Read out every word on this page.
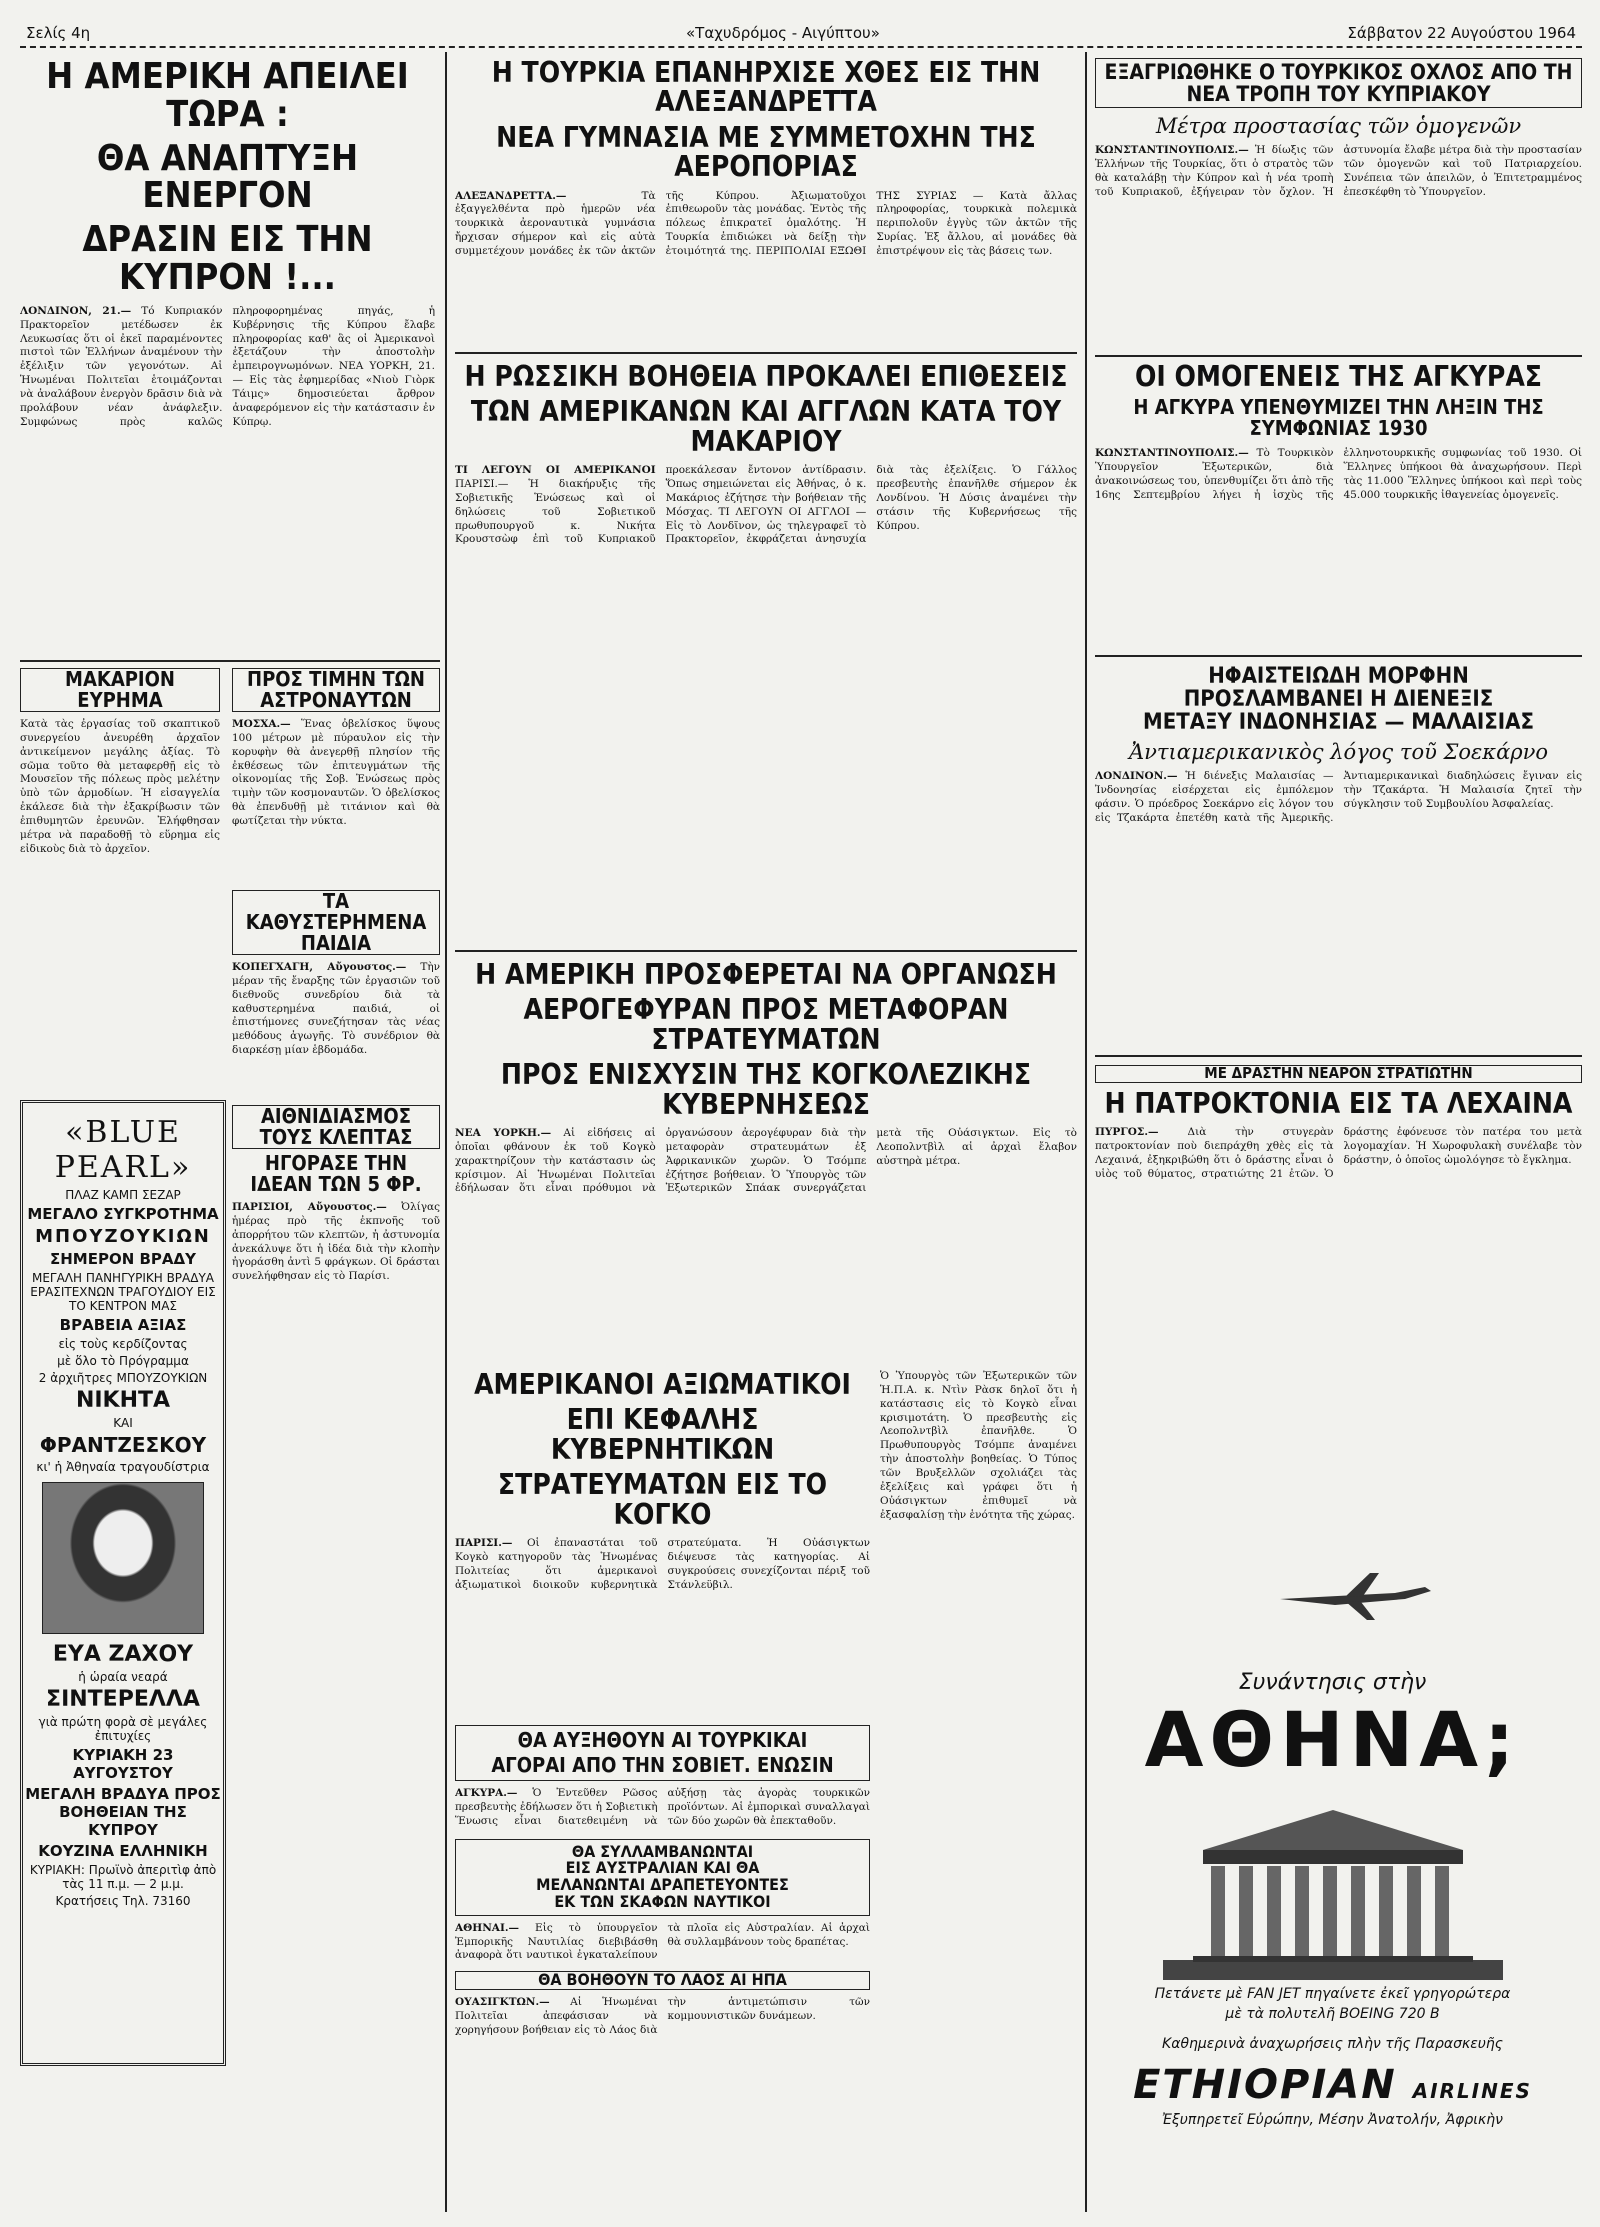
Σελίς 4η	«Ταχυδρόμος - Αιγύπτου»	Σάββατον 22 Αυγούστου 1964
Η ΑΜΕΡΙΚΗ ΑΠΕΙΛΕΙ ΤΩΡΑ :
ΘΑ ΑΝΑΠΤΥΞΗ ΕΝΕΡΓΟΝ
ΔΡΑΣΙΝ ΕΙΣ ΤΗΝ ΚΥΠΡΟΝ !...
ΛΟΝΔΙΝΟΝ, 21.— Τό Κυπριακόν Πρακτορεῖον μετέδωσεν ἐκ Λευκωσίας ὅτι οἱ ἐκεῖ παραμένοντες πιστοὶ τῶν Ἑλλήνων ἀναμένουν τὴν ἐξέλιξιν τῶν γεγονότων. Αἱ Ἡνωμέναι Πολιτεῖαι ἑτοιμάζονται νὰ ἀναλάβουν ἐνεργὸν δρᾶσιν διὰ νὰ προλάβουν νέαν ἀνάφλεξιν. Συμφώνως πρὸς καλῶς πληροφορημένας πηγάς, ἡ Κυβέρνησις τῆς Κύπρου ἔλαβε πληροφορίας καθ' ἃς οἱ Ἀμερικανοὶ ἐξετάζουν τὴν ἀποστολὴν ἐμπειρογνωμόνων. ΝΕΑ ΥΟΡΚΗ, 21.— Εἰς τὰς ἐφημερίδας «Νιοὺ Γιὸρκ Τάιμς» δημοσιεύεται ἄρθρον ἀναφερόμενον εἰς τὴν κατάστασιν ἐν Κύπρῳ.
ΜΑΚΑΡΙΟΝ ΕΥΡΗΜΑ
Κατὰ τὰς ἐργασίας τοῦ σκαπτικοῦ συνεργείου ἀνευρέθη ἀρχαῖον ἀντικείμενον μεγάλης ἀξίας. Τὸ σῶμα τοῦτο θὰ μεταφερθῇ εἰς τὸ Μουσεῖον τῆς πόλεως πρὸς μελέτην ὑπὸ τῶν ἀρμοδίων. Ἡ εἰσαγγελία ἐκάλεσε διὰ τὴν ἐξακρίβωσιν τῶν ἐπιθυμητῶν ἐρευνῶν. Ἐλήφθησαν μέτρα νὰ παραδοθῇ τὸ εὕρημα εἰς εἰδικοὺς διὰ τὸ ἀρχεῖον.
«BLUE PEARL»
ΠΛΑΖ ΚΑΜΠ ΣΕΖΑΡ
ΜΕΓΑΛΟ ΣΥΓΚΡΟΤΗΜΑ
ΜΠΟΥΖΟΥΚΙΩΝ
ΣΗΜΕΡΟΝ ΒΡΑΔΥ
ΜΕΓΑΛΗ ΠΑΝΗΓΥΡΙΚΗ ΒΡΑΔΥΑ ΕΡΑΣΙΤΕΧΝΩΝ ΤΡΑΓΟΥΔΙΟΥ ΕΙΣ ΤΟ ΚΕΝΤΡΟΝ ΜΑΣ
ΒΡΑΒΕΙΑ ΑΞΙΑΣ
εἰς τοὺς κερδίζοντας
μὲ ὅλο τὸ Πρόγραμμα
2 ἀρχιῆτρες ΜΠΟΥΖΟΥΚΙΩΝ
ΝΙΚΗΤΑ
ΚΑΙ
ΦΡΑΝΤΖΕΣΚΟΥ
κι' ἡ Ἀθηναία τραγουδίστρια
ΕΥΑ ΖΑΧΟΥ
ἡ ὡραία νεαρά
ΣΙΝΤΕΡΕΛΛΑ
γιὰ πρώτη φορὰ σὲ μεγάλες ἐπιτυχίες
ΚΥΡΙΑΚΗ 23 ΑΥΓΟΥΣΤΟΥ
ΜΕΓΑΛΗ ΒΡΑΔΥΑ ΠΡΟΣ ΒΟΗΘΕΙΑΝ ΤΗΣ ΚΥΠΡΟΥ
ΚΟΥΖΙΝΑ ΕΛΛΗΝΙΚΗ
ΚΥΡΙΑΚΗ: Πρωϊνὸ ἀπεριτὶφ ἀπὸ τὰς 11 π.μ. — 2 μ.μ.
Κρατήσεις Τηλ. 73160
ΠΡΟΣ ΤΙΜΗΝ ΤΩΝ ΑΣΤΡΟΝΑΥΤΩΝ
ΜΟΣΧΑ.— Ἕνας ὀβελίσκος ὕψους 100 μέτρων μὲ πύραυλον εἰς τὴν κορυφὴν θὰ ἀνεγερθῇ πλησίον τῆς ἐκθέσεως τῶν ἐπιτευγμάτων τῆς οἰκονομίας τῆς Σοβ. Ἑνώσεως πρὸς τιμὴν τῶν κοσμοναυτῶν. Ὁ ὀβελίσκος θὰ ἐπενδυθῇ μὲ τιτάνιον καὶ θὰ φωτίζεται τὴν νύκτα.
ΤΑ ΚΑΘΥΣΤΕΡΗΜΕΝΑ ΠΑΙΔΙΑ
ΚΟΠΕΓΧΑΓΗ, Αὔγουστος.— Τὴν μέραν τῆς ἔναρξης τῶν ἐργασιῶν τοῦ διεθνοῦς συνεδρίου διὰ τὰ καθυστερημένα παιδιά, οἱ ἐπιστήμονες συνεζήτησαν τὰς νέας μεθόδους ἀγωγῆς. Τὸ συνέδριον θὰ διαρκέσῃ μίαν ἑβδομάδα.
ΑΙΘΝΙΔΙΑΣΜΟΣ ΤΟΥΣ ΚΛΕΠΤΑΣ
ΗΓΟΡΑΣΕ ΤΗΝ ΙΔΕΑΝ ΤΩΝ 5 ΦΡ.
ΠΑΡΙΣΙΟΙ, Αὔγουστος.— Ὀλίγας ἡμέρας πρὸ τῆς ἐκπνοῆς τοῦ ἀπορρήτου τῶν κλεπτῶν, ἡ ἀστυνομία ἀνεκάλυψε ὅτι ἡ ἰδέα διὰ τὴν κλοπὴν ἠγοράσθη ἀντὶ 5 φράγκων. Οἱ δράσται συνελήφθησαν εἰς τὸ Παρίσι.
Η ΤΟΥΡΚΙΑ ΕΠΑΝΗΡΧΙΣΕ ΧΘΕΣ ΕΙΣ ΤΗΝ ΑΛΕΞΑΝΔΡΕΤΤΑ
ΝΕΑ ΓΥΜΝΑΣΙΑ ΜΕ ΣΥΜΜΕΤΟΧΗΝ ΤΗΣ ΑΕΡΟΠΟΡΙΑΣ
ΑΛΕΞΑΝΔΡΕΤΤΑ.—	Τὰ ἐξαγγελθέντα πρὸ ἡμερῶν νέα τουρκικὰ ἀεροναυτικὰ γυμνάσια ἤρχισαν σήμερον καὶ εἰς αὐτὰ συμμετέχουν μονάδες ἐκ τῶν ἀκτῶν τῆς Κύπρου. Ἀξιωματοῦχοι ἐπιθεωροῦν τὰς μονάδας. Ἐντὸς τῆς πόλεως ἐπικρατεῖ ὁμαλότης. Ἡ Τουρκία ἐπιδιώκει νὰ δείξῃ τὴν ἑτοιμότητά της. ΠΕΡΙΠΟΛΙΑΙ ΕΞΩΘΙ ΤΗΣ ΣΥΡΙΑΣ — Κατὰ ἄλλας πληροφορίας, τουρκικὰ πολεμικὰ περιπολοῦν ἐγγὺς τῶν ἀκτῶν τῆς Συρίας. Ἐξ ἄλλου, αἱ μονάδες θὰ ἐπιστρέψουν εἰς τὰς βάσεις των.
Η ΡΩΣΣΙΚΗ ΒΟΗΘΕΙΑ ΠΡΟΚΑΛΕΙ ΕΠΙΘΕΣΕΙΣ
ΤΩΝ ΑΜΕΡΙΚΑΝΩΝ ΚΑΙ ΑΓΓΛΩΝ ΚΑΤΑ ΤΟΥ ΜΑΚΑΡΙΟΥ
ΤΙ ΛΕΓΟΥΝ ΟΙ ΑΜΕΡΙΚΑΝΟΙ ΠΑΡΙΣΙ.— Ἡ διακήρυξις τῆς Σοβιετικῆς Ἑνώσεως καὶ οἱ δηλώσεις τοῦ Σοβιετικοῦ πρωθυπουργοῦ κ. Νικήτα Κρουστσὼφ ἐπὶ τοῦ Κυπριακοῦ προεκάλεσαν ἔντονον ἀντίδρασιν. Ὅπως σημειώνεται εἰς Ἀθήνας, ὁ κ. Μακάριος ἐζήτησε τὴν βοήθειαν τῆς Μόσχας. ΤΙ ΛΕΓΟΥΝ ΟΙ ΑΓΓΛΟΙ — Εἰς τὸ Λονδῖνον, ὡς τηλεγραφεῖ τὸ Πρακτορεῖον, ἐκφράζεται ἀνησυχία διὰ τὰς ἐξελίξεις. Ὁ Γάλλος πρεσβευτὴς ἐπανῆλθε σήμερον ἐκ Λονδίνου. Ἡ Δύσις ἀναμένει τὴν στάσιν τῆς Κυβερνήσεως τῆς Κύπρου.
Η ΑΜΕΡΙΚΗ ΠΡΟΣΦΕΡΕΤΑΙ ΝΑ ΟΡΓΑΝΩΣΗ
ΑΕΡΟΓΕΦΥΡΑΝ ΠΡΟΣ ΜΕΤΑΦΟΡΑΝ ΣΤΡΑΤΕΥΜΑΤΩΝ
ΠΡΟΣ ΕΝΙΣΧΥΣΙΝ ΤΗΣ ΚΟΓΚΟΛΕΖΙΚΗΣ ΚΥΒΕΡΝΗΣΕΩΣ
ΝΕΑ ΥΟΡΚΗ.— Αἱ εἰδήσεις αἱ ὁποῖαι φθάνουν ἐκ τοῦ Κογκὸ χαρακτηρίζουν τὴν κατάστασιν ὡς κρίσιμον. Αἱ Ἡνωμέναι Πολιτεῖαι ἐδήλωσαν ὅτι εἶναι πρόθυμοι νὰ ὀργανώσουν ἀερογέφυραν διὰ τὴν μεταφορὰν στρατευμάτων ἐξ Ἀφρικανικῶν χωρῶν. Ὁ Τσόμπε ἐζήτησε βοήθειαν. Ὁ Ὑπουργὸς τῶν Ἐξωτερικῶν Σπάακ συνεργάζεται μετὰ τῆς Οὐάσιγκτων. Εἰς τὸ Λεοπολντβὶλ αἱ ἀρχαὶ ἔλαβον αὐστηρὰ μέτρα.
ΑΜΕΡΙΚΑΝΟΙ ΑΞΙΩΜΑΤΙΚΟΙ
ΕΠΙ ΚΕΦΑΛΗΣ ΚΥΒΕΡΝΗΤΙΚΩΝ
ΣΤΡΑΤΕΥΜΑΤΩΝ ΕΙΣ ΤΟ ΚΟΓΚΟ
ΠΑΡΙΣΙ.— Οἱ ἐπαναστάται τοῦ Κογκὸ κατηγοροῦν τὰς Ἡνωμένας Πολιτείας ὅτι ἀμερικανοὶ ἀξιωματικοὶ διοικοῦν κυβερνητικὰ στρατεύματα. Ἡ Οὐάσιγκτων διέψευσε τὰς κατηγορίας. Αἱ συγκρούσεις συνεχίζονται πέριξ τοῦ Στάνλεϋβιλ.
ΘΑ ΑΥΞΗΘΟΥΝ ΑΙ ΤΟΥΡΚΙΚΑΙ
ΑΓΟΡΑΙ ΑΠΟ ΤΗΝ ΣΟΒΙΕΤ. ΕΝΩΣΙΝ
ΑΓΚΥΡΑ.— Ὁ Ἐντεῦθεν Ρῶσος πρεσβευτὴς ἐδήλωσεν ὅτι ἡ Σοβιετικὴ Ἕνωσις εἶναι διατεθειμένη νὰ αὐξήσῃ τὰς ἀγορὰς τουρκικῶν προϊόντων. Αἱ ἐμπορικαὶ συναλλαγαὶ τῶν δύο χωρῶν θὰ ἐπεκταθοῦν.
ΘΑ ΣΥΛΛΑΜΒΑΝΩΝΤΑΙ
ΕΙΣ ΑΥΣΤΡΑΛΙΑΝ ΚΑΙ ΘΑ
ΜΕΛΑΝΩΝΤΑΙ ΔΡΑΠΕΤΕΥΟΝΤΕΣ
ΕΚ ΤΩΝ ΣΚΑΦΩΝ ΝΑΥΤΙΚΟΙ
ΑΘΗΝΑΙ.— Εἰς τὸ ὑπουργεῖον Ἐμπορικῆς Ναυτιλίας διεβιβάσθη ἀναφορὰ ὅτι ναυτικοὶ ἐγκαταλείπουν τὰ πλοῖα εἰς Αὐστραλίαν. Αἱ ἀρχαὶ θὰ συλλαμβάνουν τοὺς δραπέτας.
ΘΑ ΒΟΗΘΟΥΝ ΤΟ ΛΑΟΣ ΑΙ ΗΠΑ
ΟΥΑΣΙΓΚΤΩΝ.— Αἱ Ἡνωμέναι Πολιτεῖαι ἀπεφάσισαν νὰ χορηγήσουν βοήθειαν εἰς τὸ Λάος διὰ τὴν ἀντιμετώπισιν τῶν κομμουνιστικῶν δυνάμεων.
Ὁ Ὑπουργὸς τῶν Ἐξωτερικῶν τῶν Ἡ.Π.Α. κ. Ντὶν Ρὰσκ δηλοῖ ὅτι ἡ κατάστασις εἰς τὸ Κογκὸ εἶναι κρισιμοτάτη. Ὁ πρεσβευτὴς εἰς Λεοπολντβὶλ ἐπανῆλθε. Ὁ Πρωθυπουργὸς Τσόμπε ἀναμένει τὴν ἀποστολὴν βοηθείας. Ὁ Τύπος τῶν Βρυξελλῶν σχολιάζει τὰς ἐξελίξεις καὶ γράφει ὅτι ἡ Οὐάσιγκτων ἐπιθυμεῖ νὰ ἐξασφαλίσῃ τὴν ἑνότητα τῆς χώρας.
ΕΞΑΓΡΙΩΘΗΚΕ Ο ΤΟΥΡΚΙΚΟΣ ΟΧΛΟΣ ΑΠΟ ΤΗ ΝΕΑ ΤΡΟΠΗ ΤΟΥ ΚΥΠΡΙΑΚΟΥ
Μέτρα προστασίας τῶν ὁμογενῶν
ΚΩΝΣΤΑΝΤΙΝΟΥΠΟΛΙΣ.— Ἡ δίωξις τῶν Ἑλλήνων τῆς Τουρκίας, ὅτι ὁ στρατὸς τῶν θὰ καταλάβῃ τὴν Κύπρον καὶ ἡ νέα τροπὴ τοῦ Κυπριακοῦ, ἐξήγειραν τὸν ὄχλον. Ἡ ἀστυνομία ἔλαβε μέτρα διὰ τὴν προστασίαν τῶν ὁμογενῶν καὶ τοῦ Πατριαρχείου. Συνέπεια τῶν ἀπειλῶν, ὁ Ἐπιτετραμμένος ἐπεσκέφθη τὸ Ὑπουργεῖον.
ΟΙ ΟΜΟΓΕΝΕΙΣ ΤΗΣ ΑΓΚΥΡΑΣ
Η ΑΓΚΥΡΑ ΥΠΕΝΘΥΜΙΖΕΙ ΤΗΝ ΛΗΞΙΝ ΤΗΣ ΣΥΜΦΩΝΙΑΣ 1930
ΚΩΝΣΤΑΝΤΙΝΟΥΠΟΛΙΣ.— Τὸ Τουρκικὸν Ὑπουργεῖον Ἐξωτερικῶν, διὰ ἀνακοινώσεως του, ὑπενθυμίζει ὅτι ἀπὸ τῆς 16ης Σεπτεμβρίου λήγει ἡ ἰσχὺς τῆς ἑλληνοτουρκικῆς συμφωνίας τοῦ 1930. Οἱ Ἕλληνες ὑπήκοοι θὰ ἀναχωρήσουν. Περὶ τὰς 11.000 Ἕλληνες ὑπήκοοι καὶ περὶ τοὺς 45.000 τουρκικῆς ἰθαγενείας ὁμογενεῖς.
ΗΦΑΙΣΤΕΙΩΔΗ ΜΟΡΦΗΝ
ΠΡΟΣΛΑΜΒΑΝΕΙ Η ΔΙΕΝΕΞΙΣ
ΜΕΤΑΞΥ ΙΝΔΟΝΗΣΙΑΣ — ΜΑΛΑΙΣΙΑΣ
Ἀντιαμερικανικὸς λόγος τοῦ Σοεκάρνο
ΛΟΝΔΙΝΟΝ.— Ἡ διένεξις Μαλαισίας — Ἰνδονησίας εἰσέρχεται εἰς ἐμπόλεμον φάσιν. Ὁ πρόεδρος Σοεκάρνο εἰς λόγον του εἰς Τζακάρτα ἐπετέθη κατὰ τῆς Ἀμερικῆς. Ἀντιαμερικανικαὶ διαδηλώσεις ἔγιναν εἰς τὴν Τζακάρτα. Ἡ Μαλαισία ζητεῖ τὴν σύγκλησιν τοῦ Συμβουλίου Ἀσφαλείας.
ΜΕ ΔΡΑΣΤΗΝ ΝΕΑΡΟΝ ΣΤΡΑΤΙΩΤΗΝ
Η ΠΑΤΡΟΚΤΟΝΙΑ ΕΙΣ ΤΑ ΛΕΧΑΙΝΑ
ΠΥΡΓΟΣ.—	Διὰ τὴν στυγερὰν πατροκτονίαν ποὺ διεπράχθη χθὲς εἰς τὰ Λεχαινά, ἐξηκριβώθη ὅτι ὁ δράστης εἶναι ὁ υἱὸς τοῦ θύματος, στρατιώτης 21 ἐτῶν. Ὁ δράστης ἐφόνευσε τὸν πατέρα του μετὰ λογομαχίαν. Ἡ Χωροφυλακὴ συνέλαβε τὸν δράστην, ὁ ὁποῖος ὡμολόγησε τὸ ἔγκλημα.
Συνάντησις στὴν
ΑΘΗΝΑ;
Πετάνετε μὲ FAN JET πηγαίνετε ἐκεῖ γρηγορώτερα
μὲ τὰ πολυτελῆ BOEING 720 B
Καθημερινὰ ἀναχωρήσεις πλὴν τῆς Παρασκευῆς
ETHIOPIAN AIRLINES
Ἐξυπηρετεῖ Εὐρώπην, Μέσην Ἀνατολήν, Ἀφρικὴν
